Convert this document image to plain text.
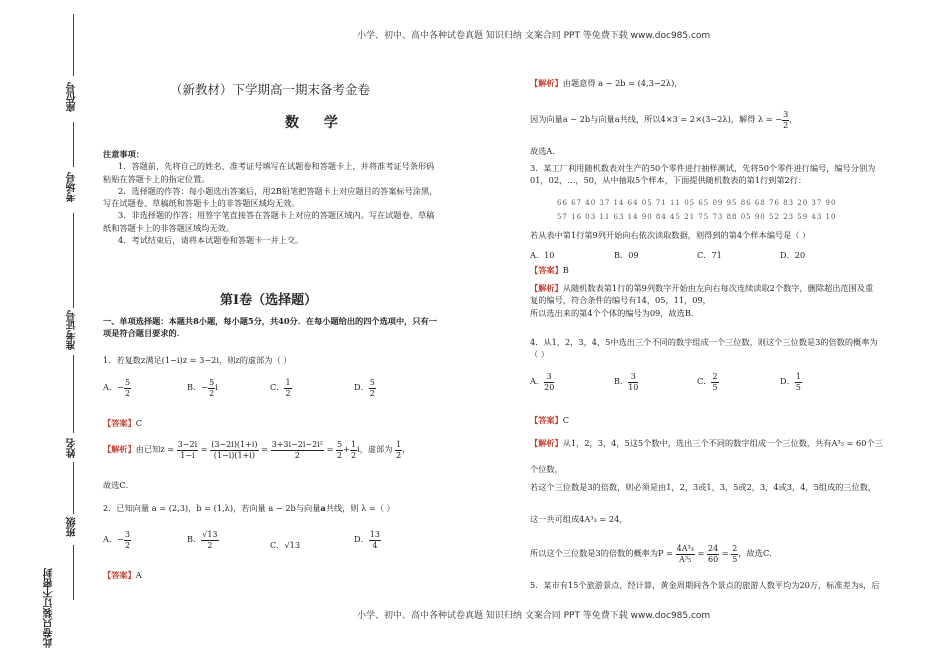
小学、初中、高中各种试卷真题 知识归纳 文案合同 PPT 等免费下载 www.doc985.com
小学、初中、高中各种试卷真题 知识归纳 文案合同 PPT 等免费下载 www.doc985.com
座位号
考场号
准考证号
姓名
班级
此卷只装订不密封
（新教材）下学期高一期末备考金卷
数 学
注意事项：
1．答题前，先将自己的姓名、准考证号填写在试题卷和答题卡上，并将准考证号条形码
粘贴在答题卡上的指定位置。
2．选择题的作答：每小题选出答案后，用2B铅笔把答题卡上对应题目的答案标号涂黑，
写在试题卷、草稿纸和答题卡上的非答题区域均无效。
3．非选择题的作答：用签字笔直接答在答题卡上对应的答题区域内。写在试题卷、草稿
纸和答题卡上的非答题区域均无效。
4．考试结束后，请将本试题卷和答题卡一并上交。
第Ⅰ卷（选择题）
一、单项选择题：本题共8小题，每小题5分，共40分．在每小题给出的四个选项中，只有一
项是符合题目要求的．
1．若复数z满足(1−i)z = 3−2i，则z的虚部为（ ）
A．− $\frac{5}{2}$	B．− $\frac{5}{2}$ i	C． $\frac{1}{2}$	D． $\frac{5}{2}$
【答案】C
【解析】由已知$z = \frac{3-2i}{1-i} = \frac{(3-2i)(1+i)}{(1-i)(1+i)} = \frac{\text{3+3i−2i−2i²}}{2} = \frac{5}{2} + \frac{1}{2}$ i，虚部为 $\frac{1}{2}$ ，
故选C．
2．已知向量 a = (2,3)，b = (1,λ)，若向量 a − 2b与向量a共线，则 λ =（ ）
A．− $\frac{3}{2}$	B． $\frac{√13}{2}$	C．√13
D． $\frac{13}{4}$
【答案】A
【解析】由题意得 a − 2b = (4,3−2λ)，
因为向量a − 2b与向量a共线，所以4×3 = 2×(3−2λ)，解得 λ = − $\frac{3}{2}$ ，
故选A．
3．某工厂利用随机数表对生产的50个零件进行抽样测试，先将50个零件进行编号，编号分别为
01，02，…，50，从中抽取5个样本，下面提供随机数表的第1行到第2行：
66 67 40 37 14 64 05 71 11 05 65 09 95 86 68 76 83 20 37 90
57 16 03 11 63 14 90 84 45 21 75 73 88 05 90 52 23 59 43 10
若从表中第1行第9列开始向右依次读取数据，则得到的第4个样本编号是（ ）
A．10	B．09	C．71	D．20
【答案】B
【解析】从随机数表第1行的第9列数字开始由左向右每次连续读取2个数字，删除超出范围及重
复的编号，符合条件的编号有14，05，11，09，
所以选出来的第4个个体的编号为09，故选B．
4．从1，2，3，4，5中选出三个不同的数字组成一个三位数，则这个三位数是3的倍数的概率为
（ ）
A． $\frac{3}{20}$	B． $\frac{3}{10}$	C． $\frac{2}{5}$	D． $\frac{1}{5}$
【答案】C
【解析】从1，2，3，4，5这5个数中，选出三个不同的数字组成一个三位数，共有A³₅ = 60个三
个位数，
若这个三位数是3的倍数，则必须是由1，2，3或1，3，5或2，3，4或3，4，5组成的三位数，
这一共可组成4A³₃ = 24，
所以这个三位数是3的倍数的概率为$P = \frac{\text{4A³₃}}{\text{A³₅}} = \frac{24}{60} = \frac{2}{5}$ ，故选C．
5．某市有15个旅游景点，经计算，黄金周期间各个景点的旅游人数平均为20万，标准差为s，后
